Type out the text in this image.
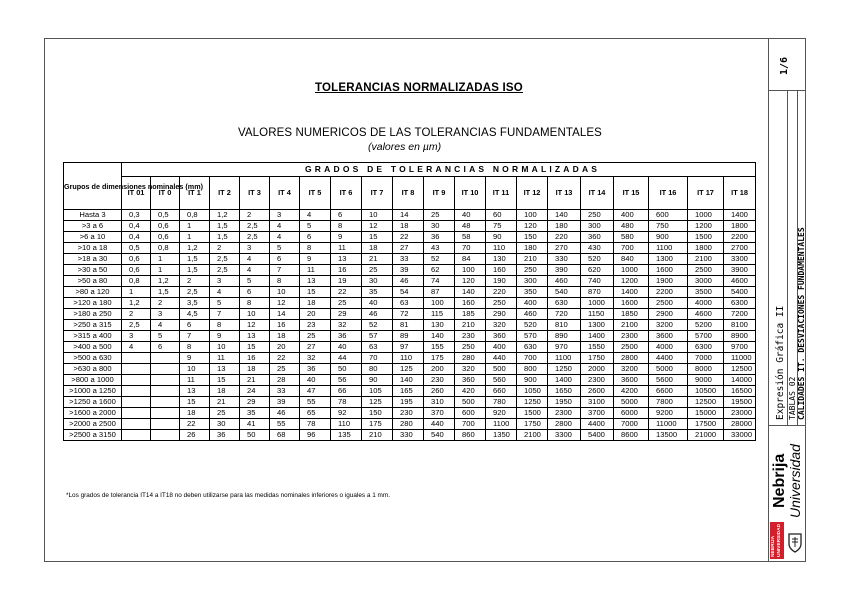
TOLERANCIAS NORMALIZADAS ISO
VALORES NUMERICOS DE LAS TOLERANCIAS FUNDAMENTALES
(valores en µm)
Grupos de dimensiones nominales (mm)	GRADOS DE TOLERANCIAS NORMALIZADAS																			
	IT 01	IT 0	IT 1	IT 2	IT 3	IT 4	IT 5	IT 6	IT 7	IT 8	IT 9	IT 10	IT 11	IT 12	IT 13	IT 14	IT 15	IT 16	IT 17	IT 18
Hasta 3	0,3	0,5	0,8	1,2	2	3	4	6	10	14	25	40	60	100	140	250	400	600	1000	1400
>3 a 6	0,4	0,6	1	1,5	2,5	4	5	8	12	18	30	48	75	120	180	300	480	750	1200	1800
>6 a 10	0,4	0,6	1	1,5	2,5	4	6	9	15	22	36	58	90	150	220	360	580	900	1500	2200
>10 a 18	0,5	0,8	1,2	2	3	5	8	11	18	27	43	70	110	180	270	430	700	1100	1800	2700
>18 a 30	0,6	1	1,5	2,5	4	6	9	13	21	33	52	84	130	210	330	520	840	1300	2100	3300
>30 a 50	0,6	1	1,5	2,5	4	7	11	16	25	39	62	100	160	250	390	620	1000	1600	2500	3900
>50 a 80	0,8	1,2	2	3	5	8	13	19	30	46	74	120	190	300	460	740	1200	1900	3000	4600
>80 a 120	1	1,5	2,5	4	6	10	15	22	35	54	87	140	220	350	540	870	1400	2200	3500	5400
>120 a 180	1,2	2	3,5	5	8	12	18	25	40	63	100	160	250	400	630	1000	1600	2500	4000	6300
>180 a 250	2	3	4,5	7	10	14	20	29	46	72	115	185	290	460	720	1150	1850	2900	4600	7200
>250 a 315	2,5	4	6	8	12	16	23	32	52	81	130	210	320	520	810	1300	2100	3200	5200	8100
>315 a 400	3	5	7	9	13	18	25	36	57	89	140	230	360	570	890	1400	2300	3600	5700	8900
>400 a 500	4	6	8	10	15	20	27	40	63	97	155	250	400	630	970	1550	2500	4000	6300	9700
>500 a 630			9	11	16	22	32	44	70	110	175	280	440	700	1100	1750	2800	4400	7000	11000
>630 a 800			10	13	18	25	36	50	80	125	200	320	500	800	1250	2000	3200	5000	8000	12500
>800 a 1000			11	15	21	28	40	56	90	140	230	360	560	900	1400	2300	3600	5600	9000	14000
>1000 a 1250			13	18	24	33	47	66	105	165	260	420	660	1050	1650	2600	4200	6600	10500	16500
>1250 a 1600			15	21	29	39	55	78	125	195	310	500	780	1250	1950	3100	5000	7800	12500	19500
>1600 a 2000			18	25	35	46	65	92	150	230	370	600	920	1500	2300	3700	6000	9200	15000	23000
>2000 a 2500			22	30	41	55	78	110	175	280	440	700	1100	1750	2800	4400	7000	11000	17500	28000
>2500 a 3150			26	36	50	68	96	135	210	330	540	860	1350	2100	3300	5400	8600	13500	21000	33000
*Los grados de tolerancia IT14 a IT18 no deben utilizarse para las medidas nominales inferiores o iguales a 1 mm.
1/6
Expresión Gráfica II TABLAS 02 CALIDADES IT. DESVIACIONES FUNDAMENTALES
Nebrija Universidad
NEBRIJA
UNIVERSIDAD
